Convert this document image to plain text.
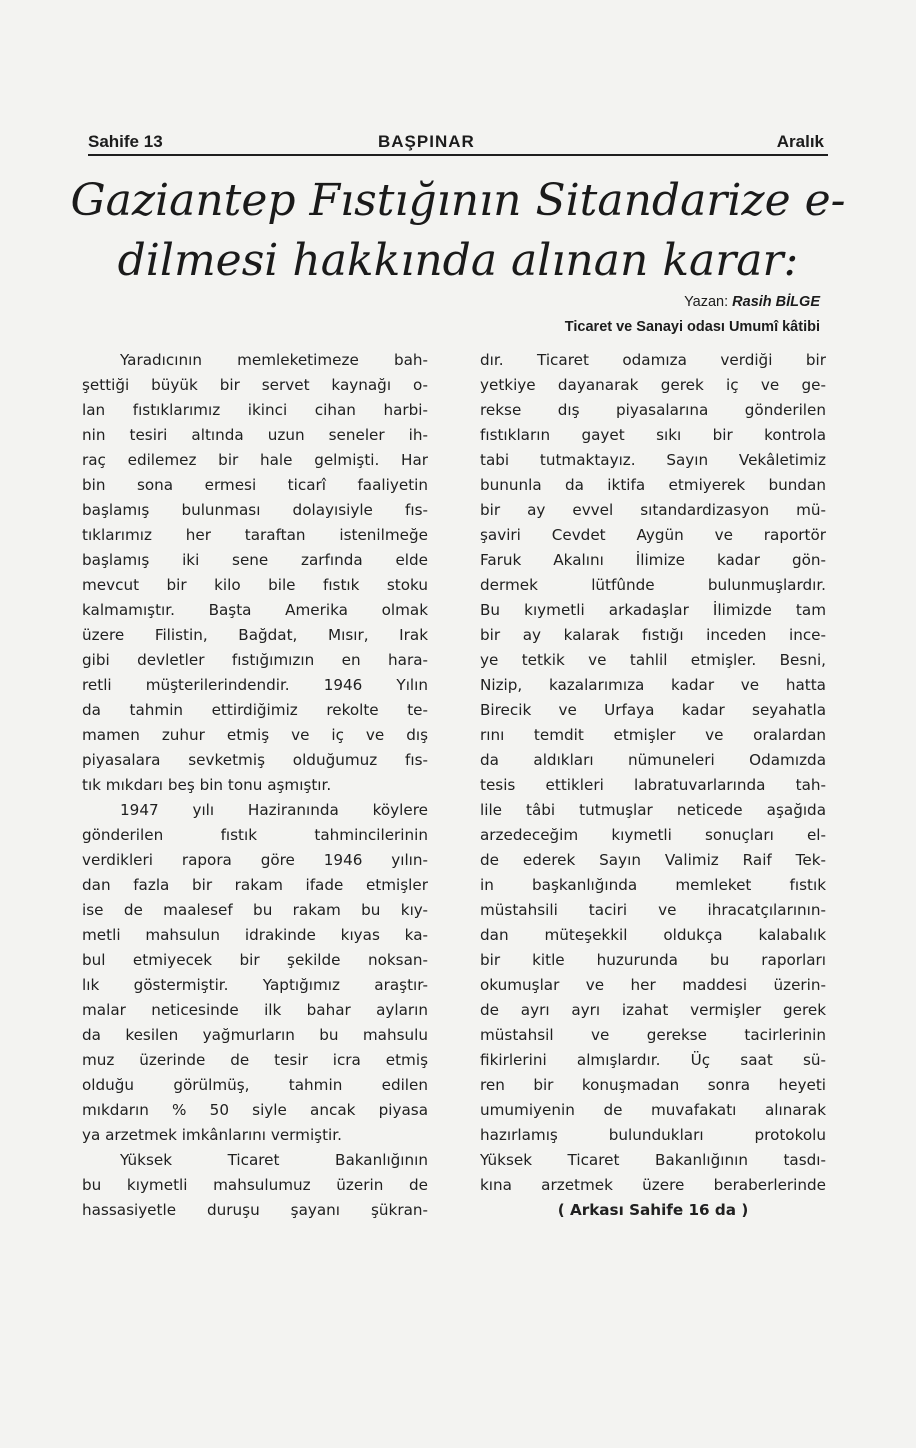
Sahife 13	BAŞPINAR	Aralık
Gaziantep Fıstığının Sitandarize e-
dilmesi hakkında alınan karar:
Yazan: Rasih BİLGE
Ticaret ve Sanayi odası Umumî kâtibi
Yaradıcının memleketimeze bah-
şettiği büyük bir servet kaynağı o-
lan fıstıklarımız ikinci cihan harbi-
nin tesiri altında uzun seneler ih-
raç edilemez bir hale gelmişti. Har
bin sona ermesi ticarî faaliyetin
başlamış bulunması dolayısiyle fıs-
tıklarımız her taraftan istenilmeğe
başlamış iki sene zarfında elde
mevcut bir kilo bile fıstık stoku
kalmamıştır. Başta Amerika olmak
üzere Filistin, Bağdat, Mısır, Irak
gibi devletler fıstığımızın en hara-
retli müşterilerindendir. 1946 Yılın
da tahmin ettirdiğimiz rekolte te-
mamen zuhur etmiş ve iç ve dış
piyasalara sevketmiş olduğumuz fıs-
tık mıkdarı beş bin tonu aşmıştır.
1947 yılı Haziranında köylere
gönderilen fıstık tahmincilerinin
verdikleri rapora göre 1946 yılın-
dan fazla bir rakam ifade etmişler
ise de maalesef bu rakam bu kıy-
metli mahsulun idrakinde kıyas ka-
bul etmiyecek bir şekilde noksan-
lık göstermiştir. Yaptığımız araştır-
malar neticesinde ilk bahar ayların
da kesilen yağmurların bu mahsulu
muz üzerinde de tesir icra etmiş
olduğu görülmüş, tahmin edilen
mıkdarın % 50 siyle ancak piyasa
ya arzetmek imkânlarını vermiştir.
Yüksek Ticaret Bakanlığının
bu kıymetli mahsulumuz üzerin de
hassasiyetle duruşu şayanı şükran-
dır. Ticaret odamıza verdiği bir
yetkiye dayanarak gerek iç ve ge-
rekse dış piyasalarına gönderilen
fıstıkların gayet sıkı bir kontrola
tabi tutmaktayız. Sayın Vekâletimiz
bununla da iktifa etmiyerek bundan
bir ay evvel sıtandardizasyon mü-
şaviri Cevdet Aygün ve raportör
Faruk Akalını İlimize kadar gön-
dermek lütfûnde bulunmuşlardır.
Bu kıymetli arkadaşlar İlimizde tam
bir ay kalarak fıstığı inceden ince-
ye tetkik ve tahlil etmişler. Besni,
Nizip, kazalarımıza kadar ve hatta
Birecik ve Urfaya kadar seyahatla
rını temdit etmişler ve oralardan
da aldıkları nümuneleri Odamızda
tesis ettikleri labratuvarlarında tah-
lile tâbi tutmuşlar neticede aşağıda
arzedeceğim kıymetli sonuçları el-
de ederek Sayın Valimiz Raif Tek-
in başkanlığında memleket fıstık
müstahsili taciri ve ihracatçılarının-
dan müteşekkil oldukça kalabalık
bir kitle huzurunda bu raporları
okumuşlar ve her maddesi üzerin-
de ayrı ayrı izahat vermişler gerek
müstahsil ve gerekse tacirlerinin
fikirlerini almışlardır. Üç saat sü-
ren bir konuşmadan sonra heyeti
umumiyenin de muvafakatı alınarak
hazırlamış bulundukları protokolu
Yüksek Ticaret Bakanlığının tasdı-
kına arzetmek üzere beraberlerinde
( Arkası Sahife 16 da )
